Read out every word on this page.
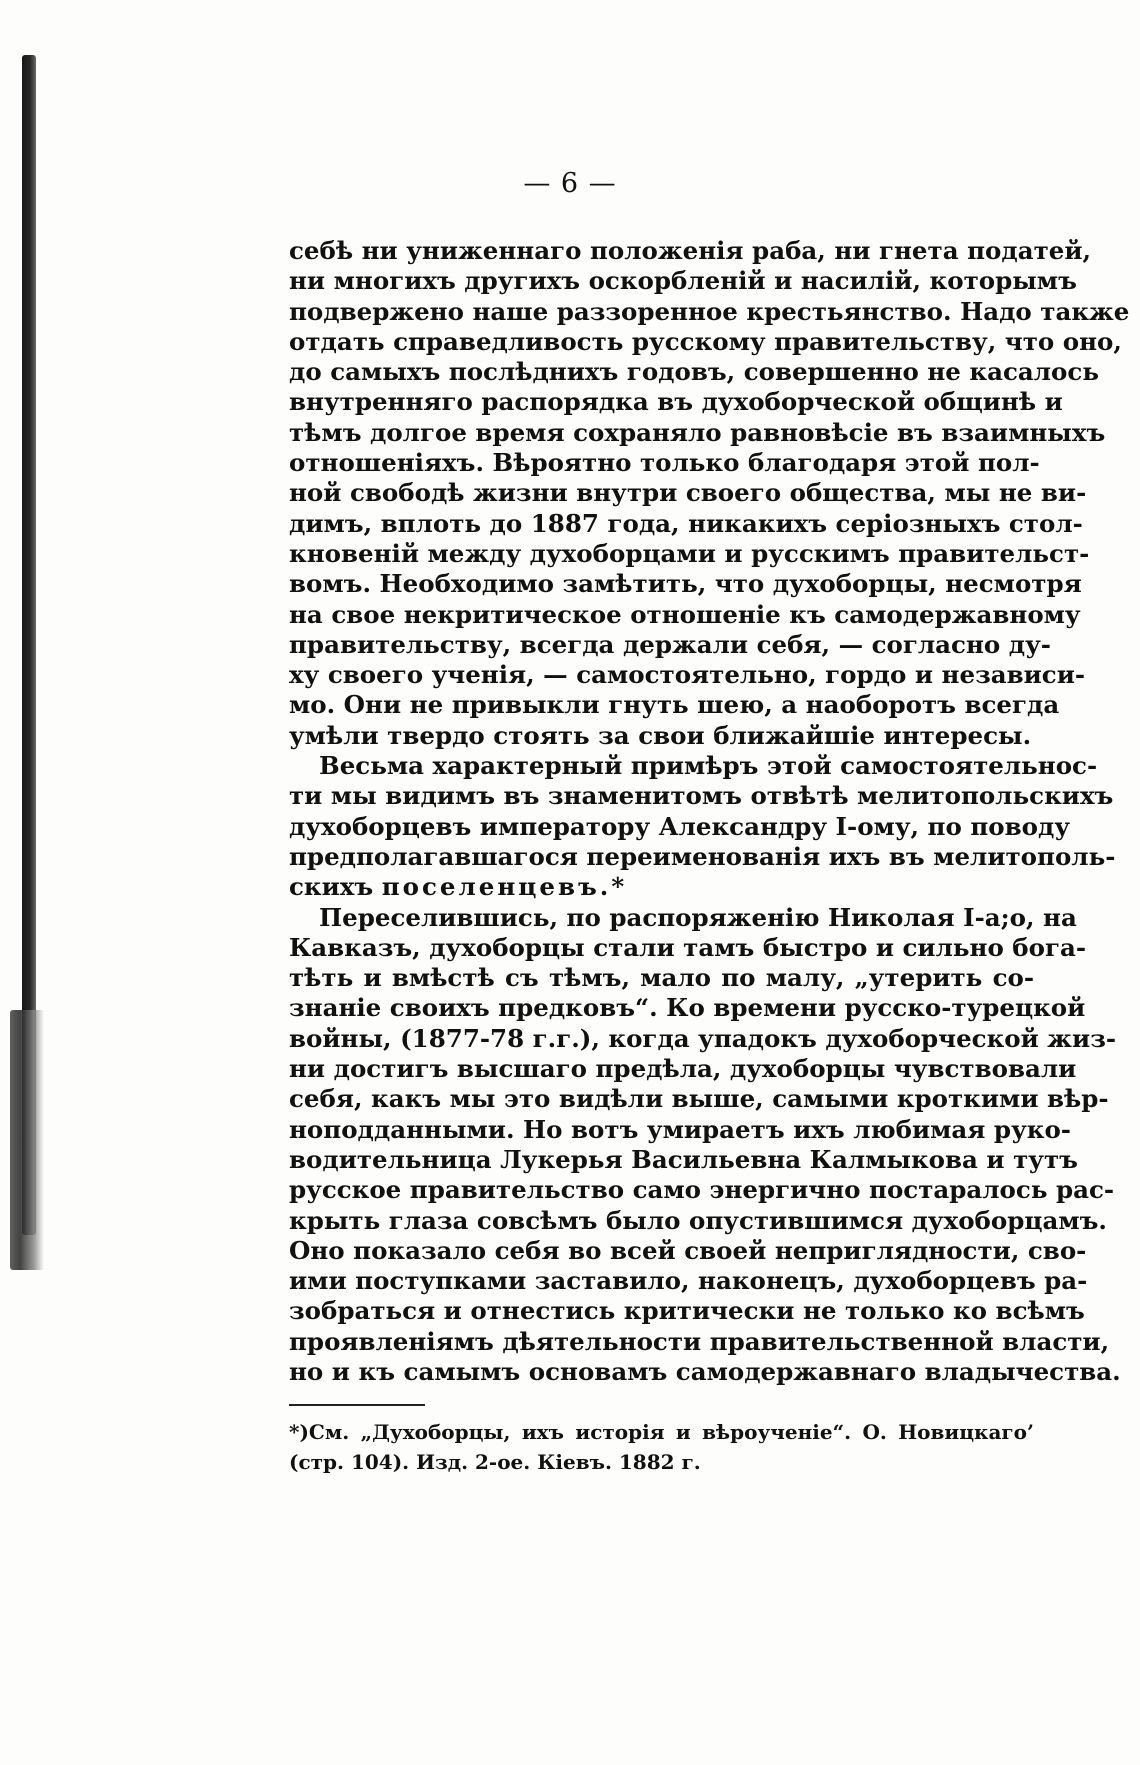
— 6 —
себѣ ни униженнаго положенія раба, ни гнета податей,
ни многихъ другихъ оскорбленій и насилій, которымъ
подвержено наше раззоренное крестьянство. Надо также
отдать справедливость русскому правительству, что оно,
до самыхъ послѣднихъ годовъ, совершенно не касалось
внутренняго распорядка въ духоборческой общинѣ и
тѣмъ долгое время сохраняло равновѣсіе въ взаимныхъ
отношеніяхъ. Вѣроятно только благодаря этой пол-
ной свободѣ жизни внутри своего общества, мы не ви-
димъ, вплоть до 1887 года, никакихъ серіозныхъ стол-
кновеній между духоборцами и русскимъ правительст-
вомъ. Необходимо замѣтить, что духоборцы, несмотря
на свое некритическое отношеніе къ самодержавному
правительству, всегда держали себя, — согласно ду-
ху своего ученія, — самостоятельно, гордо и независи-
мо. Они не привыкли гнуть шею, а наоборотъ всегда
умѣли твердо стоять за свои ближайшіе интересы.
Весьма характерный примѣръ этой самостоятельнос-
ти мы видимъ въ знаменитомъ отвѣтѣ мелитопольскихъ
духоборцевъ императору Александру I-ому, по поводу
предполагавшагося переименованія ихъ въ мелитополь-
скихъ поселенцевъ.*
Переселившись, по распоряженію Николая I-а;о, на
Кавказъ, духоборцы стали тамъ быстро и сильно бога-
тѣть и вмѣстѣ съ тѣмъ, мало по малу, „утерить со-
знаніе своихъ предковъ“. Ко времени русско-турецкой
войны, (1877-78 г.г.), когда упадокъ духоборческой жиз-
ни достигъ высшаго предѣла, духоборцы чувствовали
себя, какъ мы это видѣли выше, самыми кроткими вѣр-
ноподданными. Но вотъ умираетъ ихъ любимая руко-
водительница Лукерья Васильевна Калмыкова и тутъ
русское правительство само энергично постаралось рас-
крыть глаза совсѣмъ было опустившимся духоборцамъ.
Оно показало себя во всей своей неприглядности, сво-
ими поступками заставило, наконецъ, духоборцевъ ра-
зобраться и отнестись критически не только ко всѣмъ
проявленіямъ дѣятельности правительственной власти,
но и къ самымъ основамъ самодержавнаго владычества.
*)См. „Духоборцы, ихъ исторія и вѣроученіе“. О. Новицкаго’
(стр. 104). Изд. 2-ое. Кіевъ. 1882 г.
